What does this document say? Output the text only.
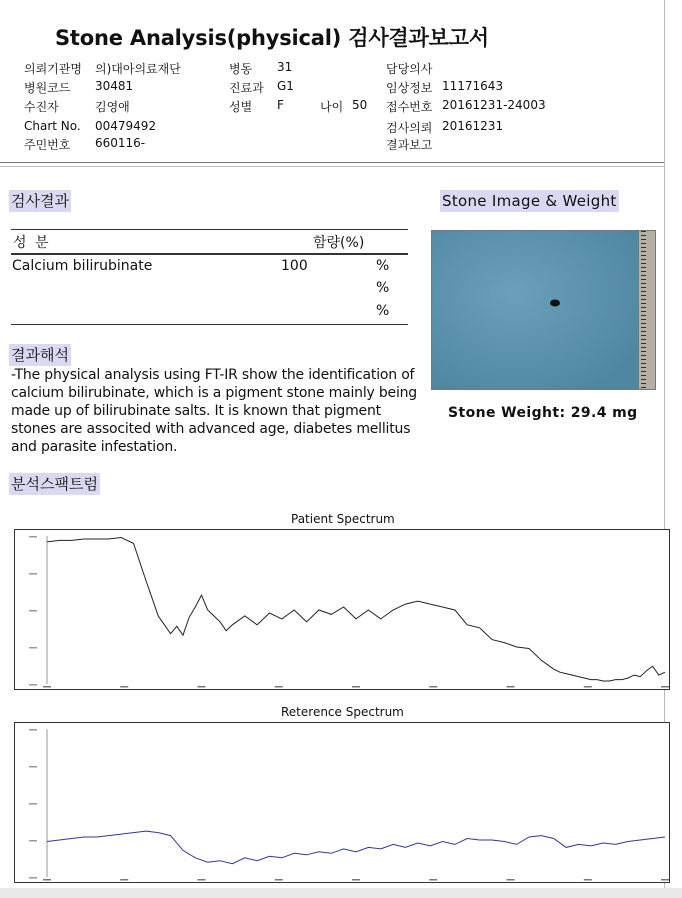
Stone Analysis(physical) 검사결과보고서
의뢰기관명 의)대아의료재단
병원코드 30481
수진자	김영애
Chart No. 00479492
주민번호 660116-
병동 31
진료과 G1
성별 F	나이 50
담당의사
임상정보 11171643
접수번호 20161231-24003
검사의뢰 20161231
결과보고
검사결과
성 분	함량(%)
Calcium bilirubinate	100	%
%
%
결과해석
-The physical analysis using FT-IR show the identification of calcium bilirubinate, which is a pigment stone mainly being made up of bilirubinate salts. It is known that pigment stones are associted with advanced age, diabetes mellitus and parasite infestation.
Stone Image & Weight
Stone Weight: 29.4 mg
분석스팩트럼
Patient Spectrum
Reterence Spectrum
